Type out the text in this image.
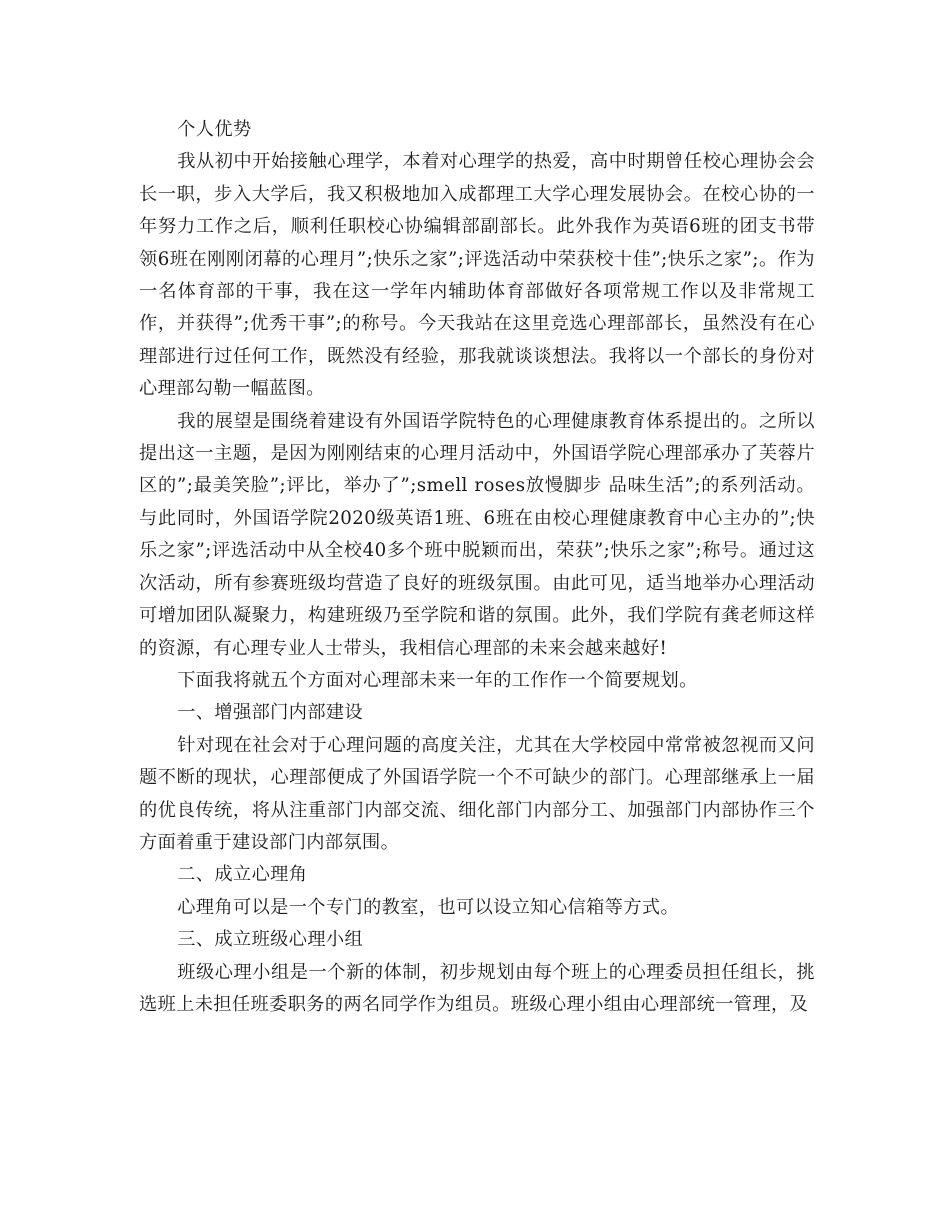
个人优势

我从初中开始接触心理学，本着对心理学的热爱，高中时期曾任校心理协会会长一职，步入大学后，我又积极地加入成都理工大学心理发展协会。在校心协的一年努力工作之后，顺利任职校心协编辑部副部长。此外我作为英语6班的团支书带领6班在刚刚闭幕的心理月”;快乐之家”;评选活动中荣获校十佳”;快乐之家”;。作为一名体育部的干事，我在这一学年内辅助体育部做好各项常规工作以及非常规工作，并获得”;优秀干事”;的称号。今天我站在这里竞选心理部部长，虽然没有在心理部进行过任何工作，既然没有经验，那我就谈谈想法。我将以一个部长的身份对心理部勾勒一幅蓝图。

我的展望是围绕着建设有外国语学院特色的心理健康教育体系提出的。之所以提出这一主题，是因为刚刚结束的心理月活动中，外国语学院心理部承办了芙蓉片区的”;最美笑脸”;评比，举办了”;smell roses放慢脚步 品味生活”;的系列活动。与此同时，外国语学院2020级英语1班、6班在由校心理健康教育中心主办的”;快乐之家”;评选活动中从全校40多个班中脱颖而出，荣获”;快乐之家”;称号。通过这次活动，所有参赛班级均营造了良好的班级氛围。由此可见，适当地举办心理活动可增加团队凝聚力，构建班级乃至学院和谐的氛围。此外，我们学院有龚老师这样的资源，有心理专业人士带头，我相信心理部的未来会越来越好!

下面我将就五个方面对心理部未来一年的工作作一个简要规划。

一、增强部门内部建设

针对现在社会对于心理问题的高度关注，尤其在大学校园中常常被忽视而又问题不断的现状，心理部便成了外国语学院一个不可缺少的部门。心理部继承上一届的优良传统，将从注重部门内部交流、细化部门内部分工、加强部门内部协作三个方面着重于建设部门内部氛围。

二、成立心理角

心理角可以是一个专门的教室，也可以设立知心信箱等方式。

三、成立班级心理小组

班级心理小组是一个新的体制，初步规划由每个班上的心理委员担任组长，挑选班上未担任班委职务的两名同学作为组员。班级心理小组由心理部统一管理，及
